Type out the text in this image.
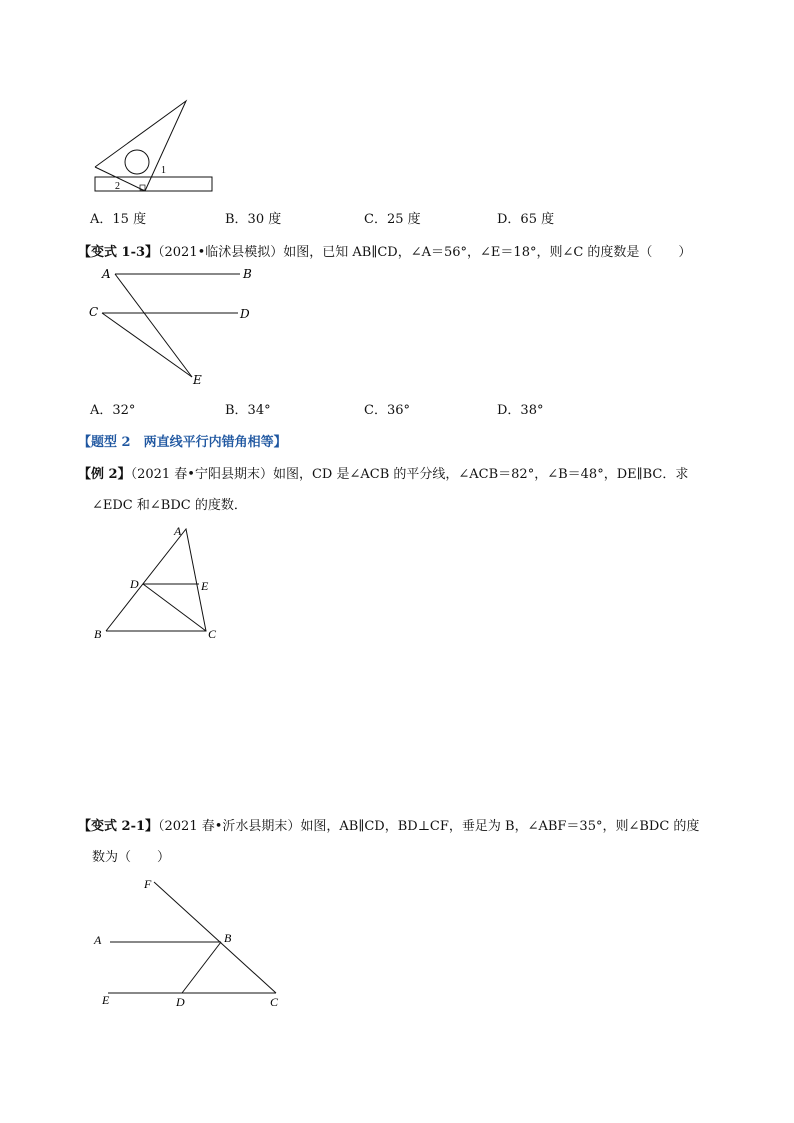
1
2
A．15 度	B．30 度	C．25 度	D．65 度
【变式 1-3】（2021•临沭县模拟）如图，已知 AB∥CD，∠A＝56°，∠E＝18°，则∠C 的度数是（　　）
A	B
C	D
E
A．32°	B．34°	C．36°	D．38°
【题型 2　两直线平行内错角相等】
【例 2】（2021 春•宁阳县期末）如图，CD 是∠ACB 的平分线，∠ACB＝82°，∠B＝48°，DE∥BC．求
∠EDC 和∠BDC 的度数．
A
D	E
B	C
【变式 2-1】（2021 春•沂水县期末）如图，AB∥CD，BD⊥CF，垂足为 B，∠ABF＝35°，则∠BDC 的度
数为（　　）
F
A	B
E	D	C
